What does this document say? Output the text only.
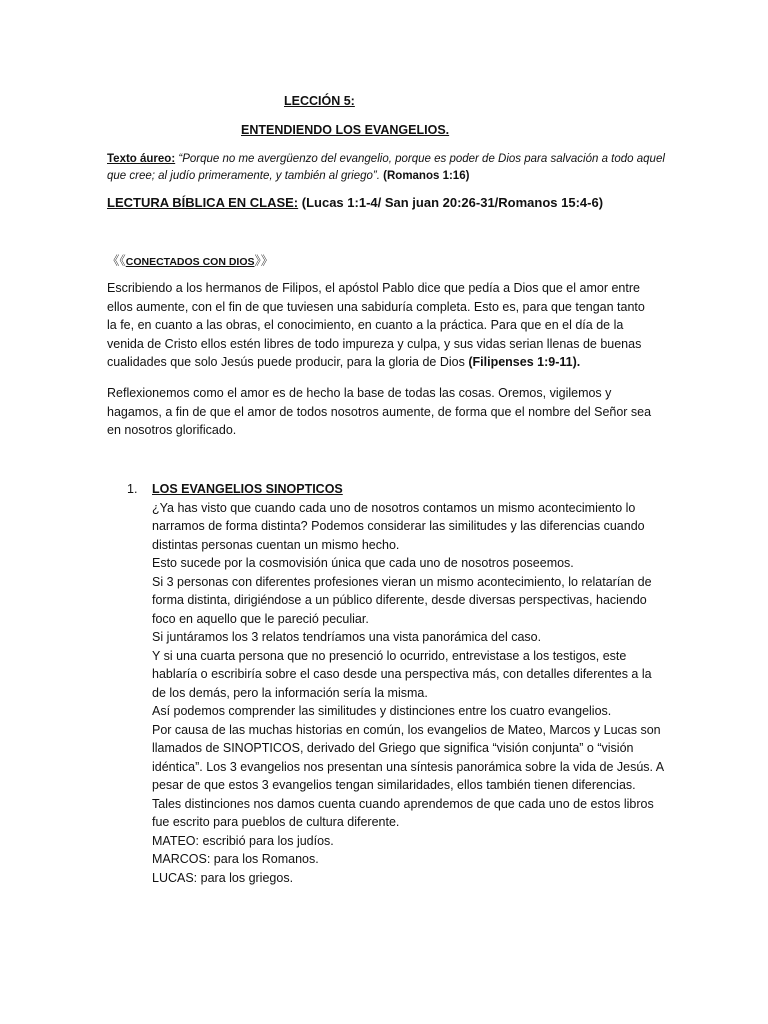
LECCIÓN 5:
ENTENDIENDO LOS EVANGELIOS.
Texto áureo: “Porque no me avergüenzo del evangelio, porque es poder de Dios para salvación a todo aquel
que cree; al judío primeramente, y también al griego”. (Romanos 1:16)
LECTURA BÍBLICA EN CLASE: (Lucas 1:1-4/ San juan 20:26-31/Romanos 15:4-6)
《《CONECTADOS CON DIOS》》
Escribiendo a los hermanos de Filipos, el apóstol Pablo dice que pedía a Dios que el amor entre
ellos aumente, con el fin de que tuviesen una sabiduría completa. Esto es, para que tengan tanto
la fe, en cuanto a las obras, el conocimiento, en cuanto a la práctica. Para que en el día de la
venida de Cristo ellos estén libres de todo impureza y culpa, y sus vidas serian llenas de buenas
cualidades que solo Jesús puede producir, para la gloria de Dios (Filipenses 1:9-11).
Reflexionemos como el amor es de hecho la base de todas las cosas. Oremos, vigilemos y
hagamos, a fin de que el amor de todos nosotros aumente, de forma que el nombre del Señor sea
en nosotros glorificado.
1. LOS EVANGELIOS SINOPTICOS
¿Ya has visto que cuando cada uno de nosotros contamos un mismo acontecimiento lo
narramos de forma distinta? Podemos considerar las similitudes y las diferencias cuando
distintas personas cuentan un mismo hecho.
Esto sucede por la cosmovisión única que cada uno de nosotros poseemos.
Si 3 personas con diferentes profesiones vieran un mismo acontecimiento, lo relatarían de
forma distinta, dirigiéndose a un público diferente, desde diversas perspectivas, haciendo
foco en aquello que le pareció peculiar.
Si juntáramos los 3 relatos tendríamos una vista panorámica del caso.
Y si una cuarta persona que no presenció lo ocurrido, entrevistase a los testigos, este
hablaría o escribiría sobre el caso desde una perspectiva más, con detalles diferentes a la
de los demás, pero la información sería la misma.
Así podemos comprender las similitudes y distinciones entre los cuatro evangelios.
Por causa de las muchas historias en común, los evangelios de Mateo, Marcos y Lucas son
llamados de SINOPTICOS, derivado del Griego que significa “visión conjunta” o “visión
idéntica”. Los 3 evangelios nos presentan una síntesis panorámica sobre la vida de Jesús. A
pesar de que estos 3 evangelios tengan similaridades, ellos también tienen diferencias.
Tales distinciones nos damos cuenta cuando aprendemos de que cada uno de estos libros
fue escrito para pueblos de cultura diferente.
MATEO: escribió para los judíos.
MARCOS: para los Romanos.
LUCAS: para los griegos.
